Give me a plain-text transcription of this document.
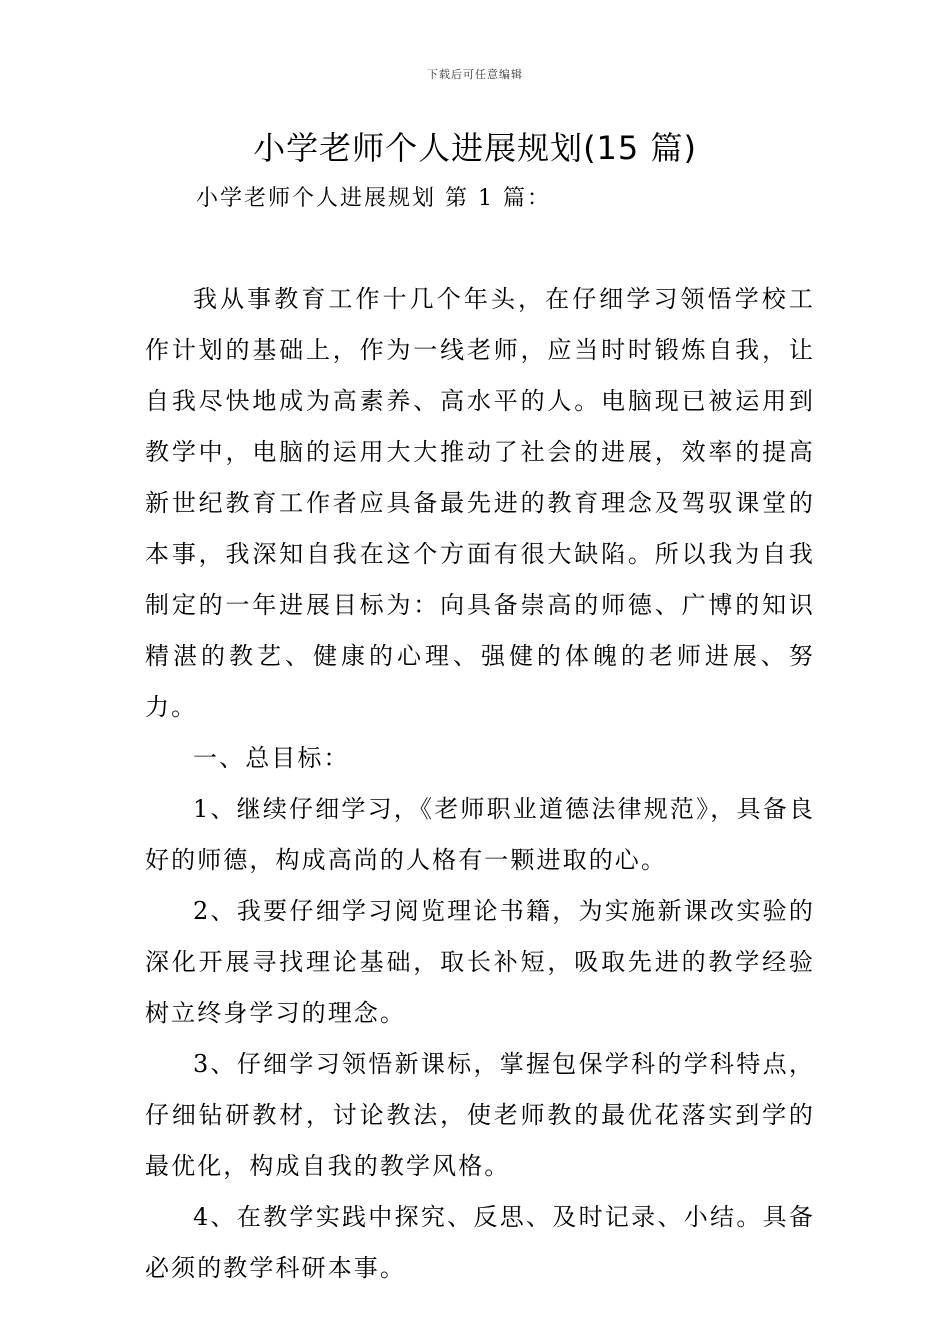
下载后可任意编辑
小学老师个人进展规划(15 篇)
小学老师个人进展规划 第 1 篇：

我从事教育工作十几个年头，在仔细学习领悟学校工作计划的基础上，作为一线老师，应当时时锻炼自我，让自我尽快地成为高素养、高水平的人。电脑现已被运用到教学中，电脑的运用大大推动了社会的进展，效率的提高新世纪教育工作者应具备最先进的教育理念及驾驭课堂的本事，我深知自我在这个方面有很大缺陷。所以我为自我制定的一年进展目标为：向具备崇高的师德、广博的知识精湛的教艺、健康的心理、强健的体魄的老师进展、努力。

一、总目标：

1、继续仔细学习，《老师职业道德法律规范》，具备良好的师德，构成高尚的人格有一颗进取的心。

2、我要仔细学习阅览理论书籍，为实施新课改实验的深化开展寻找理论基础，取长补短，吸取先进的教学经验树立终身学习的理念。

3、仔细学习领悟新课标，掌握包保学科的学科特点，仔细钻研教材，讨论教法，使老师教的最优花落实到学的最优化，构成自我的教学风格。

4、在教学实践中探究、反思、及时记录、小结。具备必须的教学科研本事。
